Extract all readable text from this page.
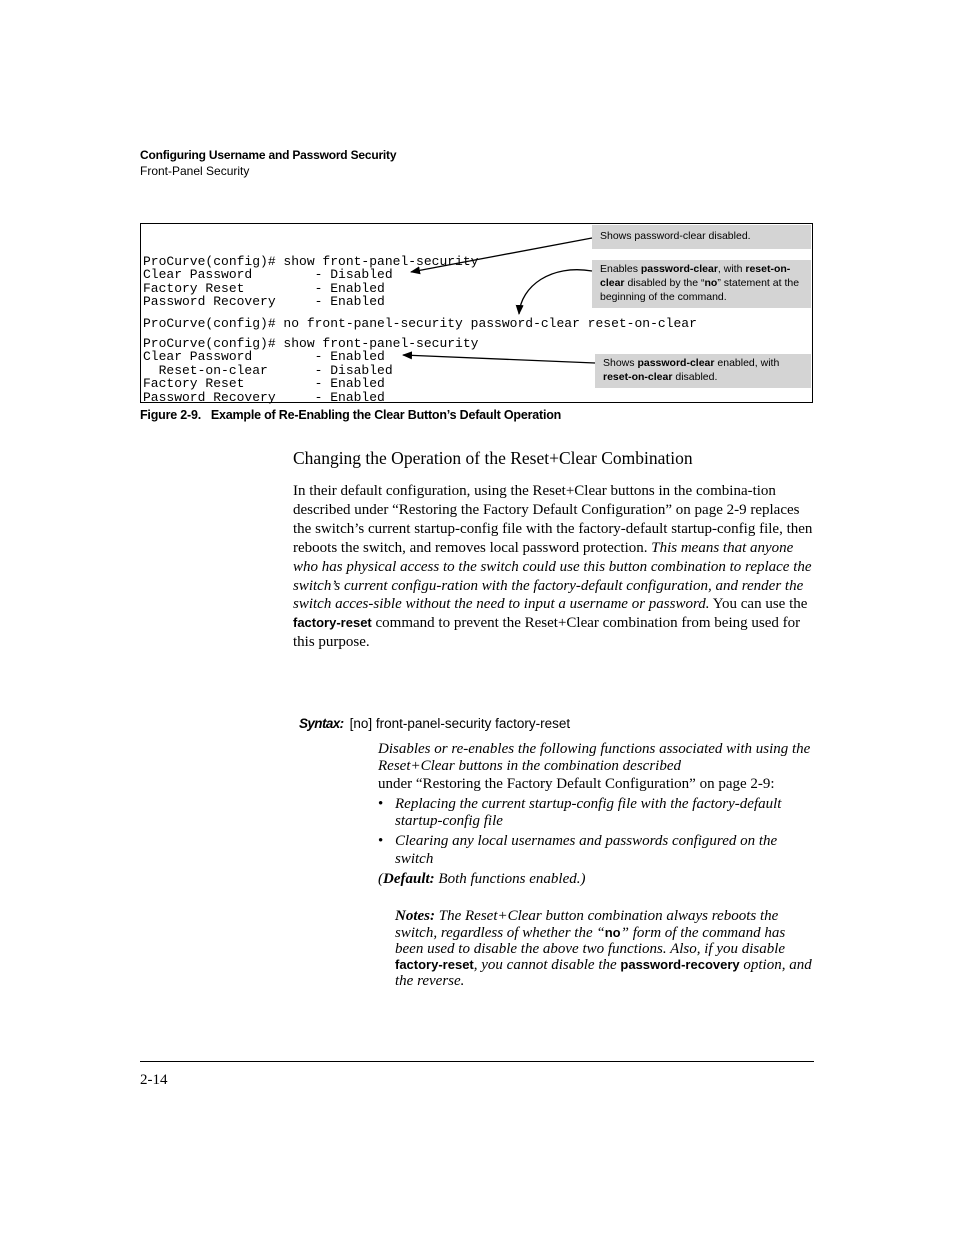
Configuring Username and Password Security
Front-Panel Security
ProCurve(config)# show front-panel-security
Clear Password        - Disabled
Factory Reset         - Enabled
Password Recovery     - Enabled
ProCurve(config)# no front-panel-security password-clear reset-on-clear
ProCurve(config)# show front-panel-security
Clear Password        - Enabled
Reset-on-clear      - Disabled
Factory Reset         - Enabled
Password Recovery     - Enabled
Shows password-clear disabled.
Enables password-clear, with reset-on-clear disabled by the “no” statement at the beginning of the command.
Shows password-clear enabled, with reset-on-clear disabled.
Figure 2-9.   Example of Re-Enabling the Clear Button’s Default Operation
Changing the Operation of the Reset+Clear Combination
In their default configuration, using the Reset+Clear buttons in the combina-tion described under “Restoring the Factory Default Configuration” on page 2-9 replaces the switch’s current startup-config file with the factory-default startup-config file, then reboots the switch, and removes local password protection. This means that anyone who has physical access to the switch could use this button combination to replace the switch’s current configu-ration with the factory-default configuration, and render the switch acces-sible without the need to input a username or password. You can use the factory-reset command to prevent the Reset+Clear combination from being used for this purpose.
Syntax: [no] front-panel-security factory-reset

Disables or re-enables the following functions associated with using the Reset+Clear buttons in the combination described
under “Restoring the Factory Default Configuration” on page 2-9:

• Replacing the current startup-config file with the factory-default startup-config file
• Clearing any local usernames and passwords configured on the switch

(Default: Both functions enabled.)

Notes: The Reset+Clear button combination always reboots the switch, regardless of whether the “no” form of the command has been used to disable the above two functions. Also, if you disable factory-reset, you cannot disable the password-recovery option, and the reverse.
2-14
